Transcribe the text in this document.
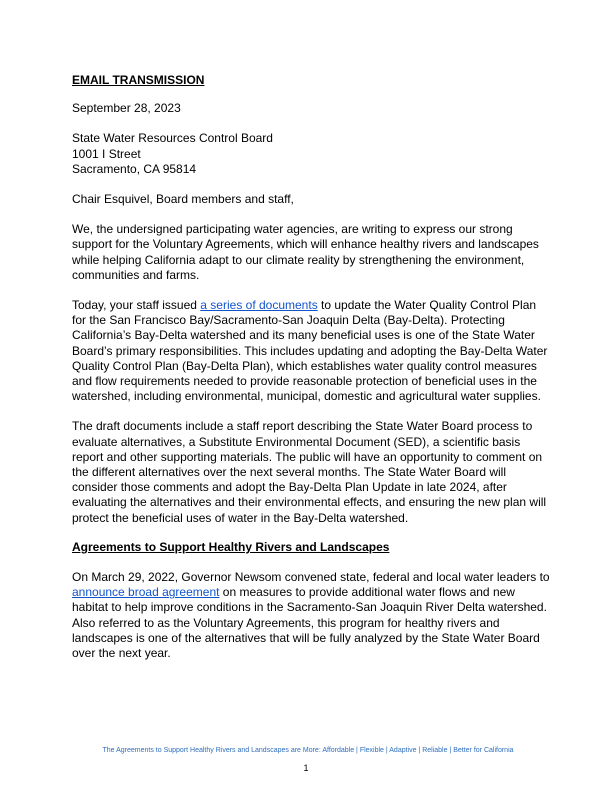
EMAIL TRANSMISSION

September 28, 2023

State Water Resources Control Board

1001 I Street

Sacramento, CA 95814

Chair Esquivel, Board members and staff,

We, the undersigned participating water agencies, are writing to express our strong support for the Voluntary Agreements, which will enhance healthy rivers and landscapes while helping California adapt to our climate reality by strengthening the environment, communities and farms.

Today, your staff issued a series of documents to update the Water Quality Control Plan for the San Francisco Bay/Sacramento-San Joaquin Delta (Bay-Delta). Protecting California’s Bay-Delta watershed and its many beneficial uses is one of the State Water Board’s primary responsibilities. This includes updating and adopting the Bay-Delta Water Quality Control Plan (Bay-Delta Plan), which establishes water quality control measures and flow requirements needed to provide reasonable protection of beneficial uses in the watershed, including environmental, municipal, domestic and agricultural water supplies.

The draft documents include a staff report describing the State Water Board process to evaluate alternatives, a Substitute Environmental Document (SED), a scientific basis report and other supporting materials. The public will have an opportunity to comment on the different alternatives over the next several months. The State Water Board will consider those comments and adopt the Bay-Delta Plan Update in late 2024, after evaluating the alternatives and their environmental effects, and ensuring the new plan will protect the beneficial uses of water in the Bay-Delta watershed.

Agreements to Support Healthy Rivers and Landscapes

On March 29, 2022, Governor Newsom convened state, federal and local water leaders to announce broad agreement on measures to provide additional water flows and new habitat to help improve conditions in the Sacramento-San Joaquin River Delta watershed. Also referred to as the Voluntary Agreements, this program for healthy rivers and landscapes is one of the alternatives that will be fully analyzed by the State Water Board over the next year.

The Agreements to Support Healthy Rivers and Landscapes are More: Affordable | Flexible | Adaptive | Reliable | Better for California
1
